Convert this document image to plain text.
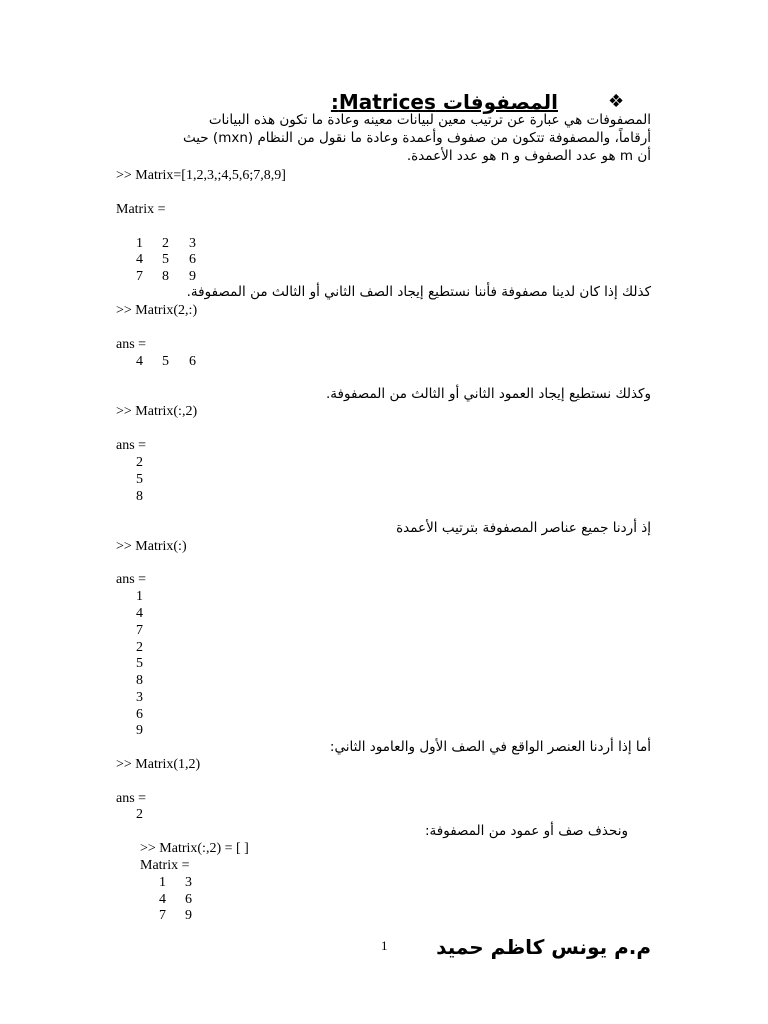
❖
المصفوفات Matrices:
المصفوفات هي عبارة عن ترتيب معين لبيانات معينه وعادة ما تكون هذه البيانات
أرقاماً، والمصفوفة تتكون من صفوف وأعمدة وعادة ما نقول من النظام (mxn) حيث
أن m هو عدد الصفوف و n هو عدد الأعمدة.
>> Matrix=[1,2,3,;4,5,6;7,8,9]
Matrix =
1 2 3
4 5 6
7 8 9
كذلك إذا كان لدينا مصفوفة فأننا نستطيع إيجاد الصف الثاني أو الثالث من المصفوفة.
>> Matrix(2,:)
ans =
4 5 6
وكذلك نستطيع إيجاد العمود الثاني أو الثالث من المصفوفة.
>> Matrix(:,2)
ans =
2
5
8
إذ أردنا جميع عناصر المصفوفة بترتيب الأعمدة
>> Matrix(:)
ans =
1
4
7
2
5
8
3
6
9
أما إذا أردنا العنصر الواقع في الصف الأول والعامود الثاني:
>> Matrix(1,2)
ans =
2
ونحذف صف أو عمود من المصفوفة:
>> Matrix(:,2) = [ ]
Matrix =
1 3
4 6
7 9
1 م.م يونس كاظم حميد
